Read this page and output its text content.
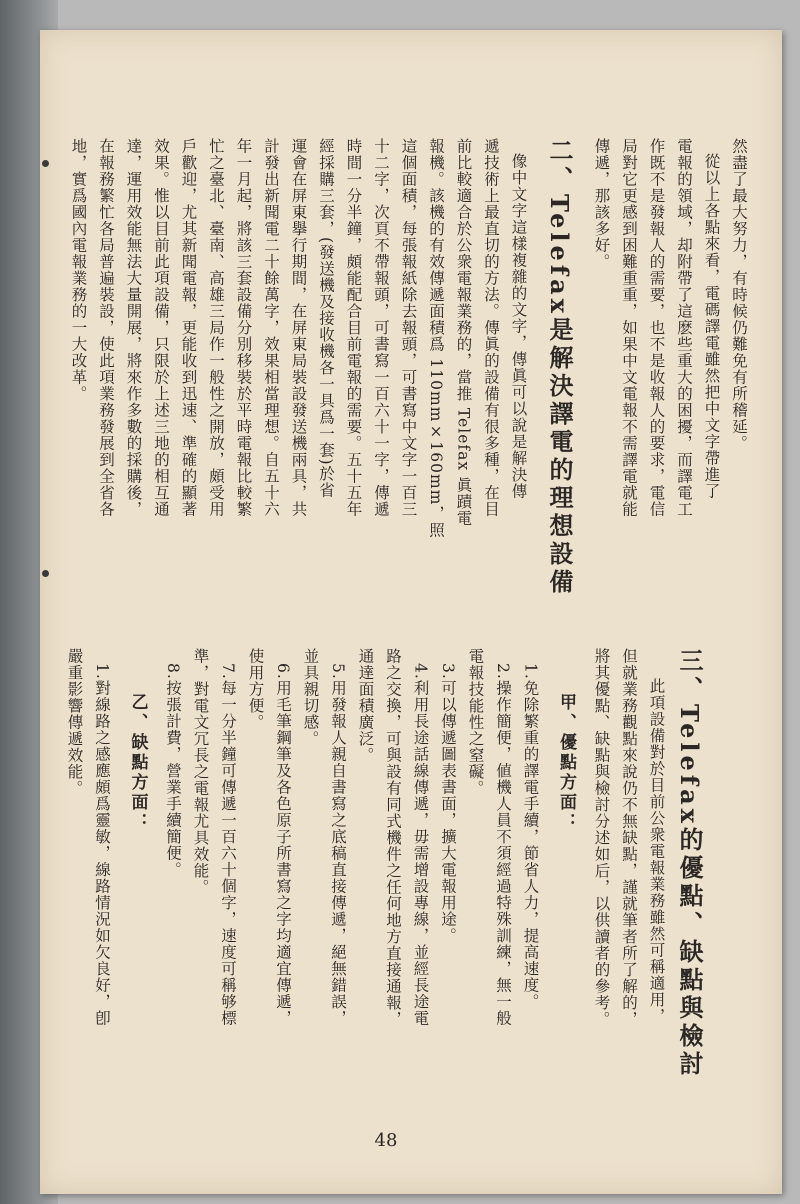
然盡了最大努力，有時候仍難免有所稽延。
從以上各點來看，電碼譯電雖然把中文字帶進了
電報的領域，却附帶了這麽些重大的困擾，而譯電工
作既不是發報人的需要，也不是收報人的要求，電信
局對它更感到困難重重，如果中文電報不需譯電就能
傳遞，那該多好。
二、Telefax是解決譯電的理想設備
像中文字這樣複雜的文字，傳眞可以說是解決傳
遞技術上最直切的方法。傳眞的設備有很多種，在目
前比較適合於公衆電報業務的，當推 Telefax 眞蹟電
報機。該機的有效傳遞面積爲 110mm×160mm，照
這個面積，每張報紙除去報頭，可書寫中文字一百三
十二字，次頁不帶報頭，可書寫一百六十一字，傳遞
時間一分半鐘，頗能配合目前電報的需要。五十五年
經採購三套，(發送機及接收機各一具爲一套)於省
運會在屏東擧行期間，在屏東局裝設發送機兩具，共
計發出新聞電二十餘萬字，效果相當理想。自五十六
年一月起，將該三套設備分別移裝於平時電報比較繁
忙之臺北、臺南、高雄三局作一般性之開放，頗受用
戶歡迎，尤其新聞電報，更能收到迅速、準確的顯著
效果。惟以目前此項設備，只限於上述三地的相互通
達，運用效能無法大量開展，將來作多數的採購後，
在報務繁忙各局普遍裝設，使此項業務發展到全省各
地，實爲國內電報業務的一大改革。
三、Telefax的優點、缺點與檢討
此項設備對於目前公衆電報業務雖然可稱適用，
但就業務觀點來說仍不無缺點，謹就筆者所了解的，
將其優點、缺點與檢討分述如后，以供讀者的參考。
甲、優點方面：
1.免除繁重的譯電手續，節省人力，提高速度。
2.操作簡便，値機人員不須經過特殊訓練，無一般
電報技能性之窒礙。
3.可以傳遞圖表書面，擴大電報用途。
4.利用長途話線傳遞，毋需增設專線，並經長途電
路之交換，可與設有同式機件之任何地方直接通報，
通達面積廣泛。
5.用發報人親自書寫之底稿直接傳遞，絕無錯誤，
並具親切感。
6.用毛筆鋼筆及各色原子所書寫之字均適宜傳遞，
使用方便。
7.每一分半鐘可傳遞一百六十個字，速度可稱够標
準，對電文冗長之電報尤具效能。
8.按張計費，營業手續簡便。
乙、缺點方面：
1.對線路之感應頗爲靈敏，線路情況如欠良好，卽
嚴重影響傳遞效能。
48
